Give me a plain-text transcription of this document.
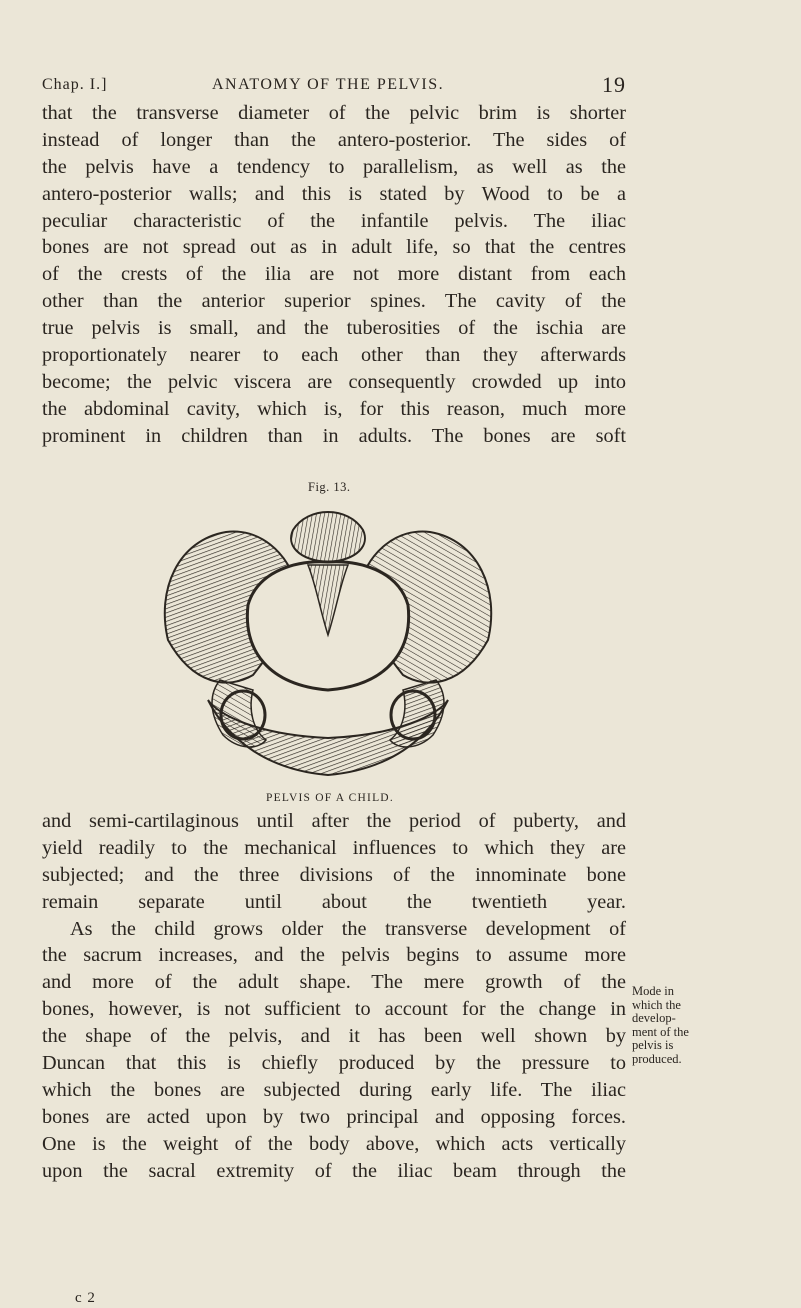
Chap. I.]	ANATOMY OF THE PELVIS.	19
that the transverse diameter of the pelvic brim is shorter
instead of longer than the antero-posterior. The sides of
the pelvis have a tendency to parallelism, as well as the
antero-posterior walls; and this is stated by Wood to be a
peculiar characteristic of the infantile pelvis. The iliac
bones are not spread out as in adult life, so that the centres
of the crests of the ilia are not more distant from each
other than the anterior superior spines. The cavity of the
true pelvis is small, and the tuberosities of the ischia are
proportionately nearer to each other than they afterwards
become; the pelvic viscera are consequently crowded up into
the abdominal cavity, which is, for this reason, much more
prominent in children than in adults. The bones are soft
Fig. 13.
PELVIS OF A CHILD.
and semi-cartilaginous until after the period of puberty, and
yield readily to the mechanical influences to which they are
subjected; and the three divisions of the innominate bone
remain separate until about the twentieth year.
As the child grows older the transverse development of
the sacrum increases, and the pelvis begins to assume more
and more of the adult shape. The mere growth of the
bones, however, is not sufficient to account for the change in
the shape of the pelvis, and it has been well shown by
Duncan that this is chiefly produced by the pressure to
which the bones are subjected during early life. The iliac
bones are acted upon by two principal and opposing forces.
One is the weight of the body above, which acts vertically
upon the sacral extremity of the iliac beam through the
Mode in
which the
develop-
ment of the
pelvis is
produced.
c 2
